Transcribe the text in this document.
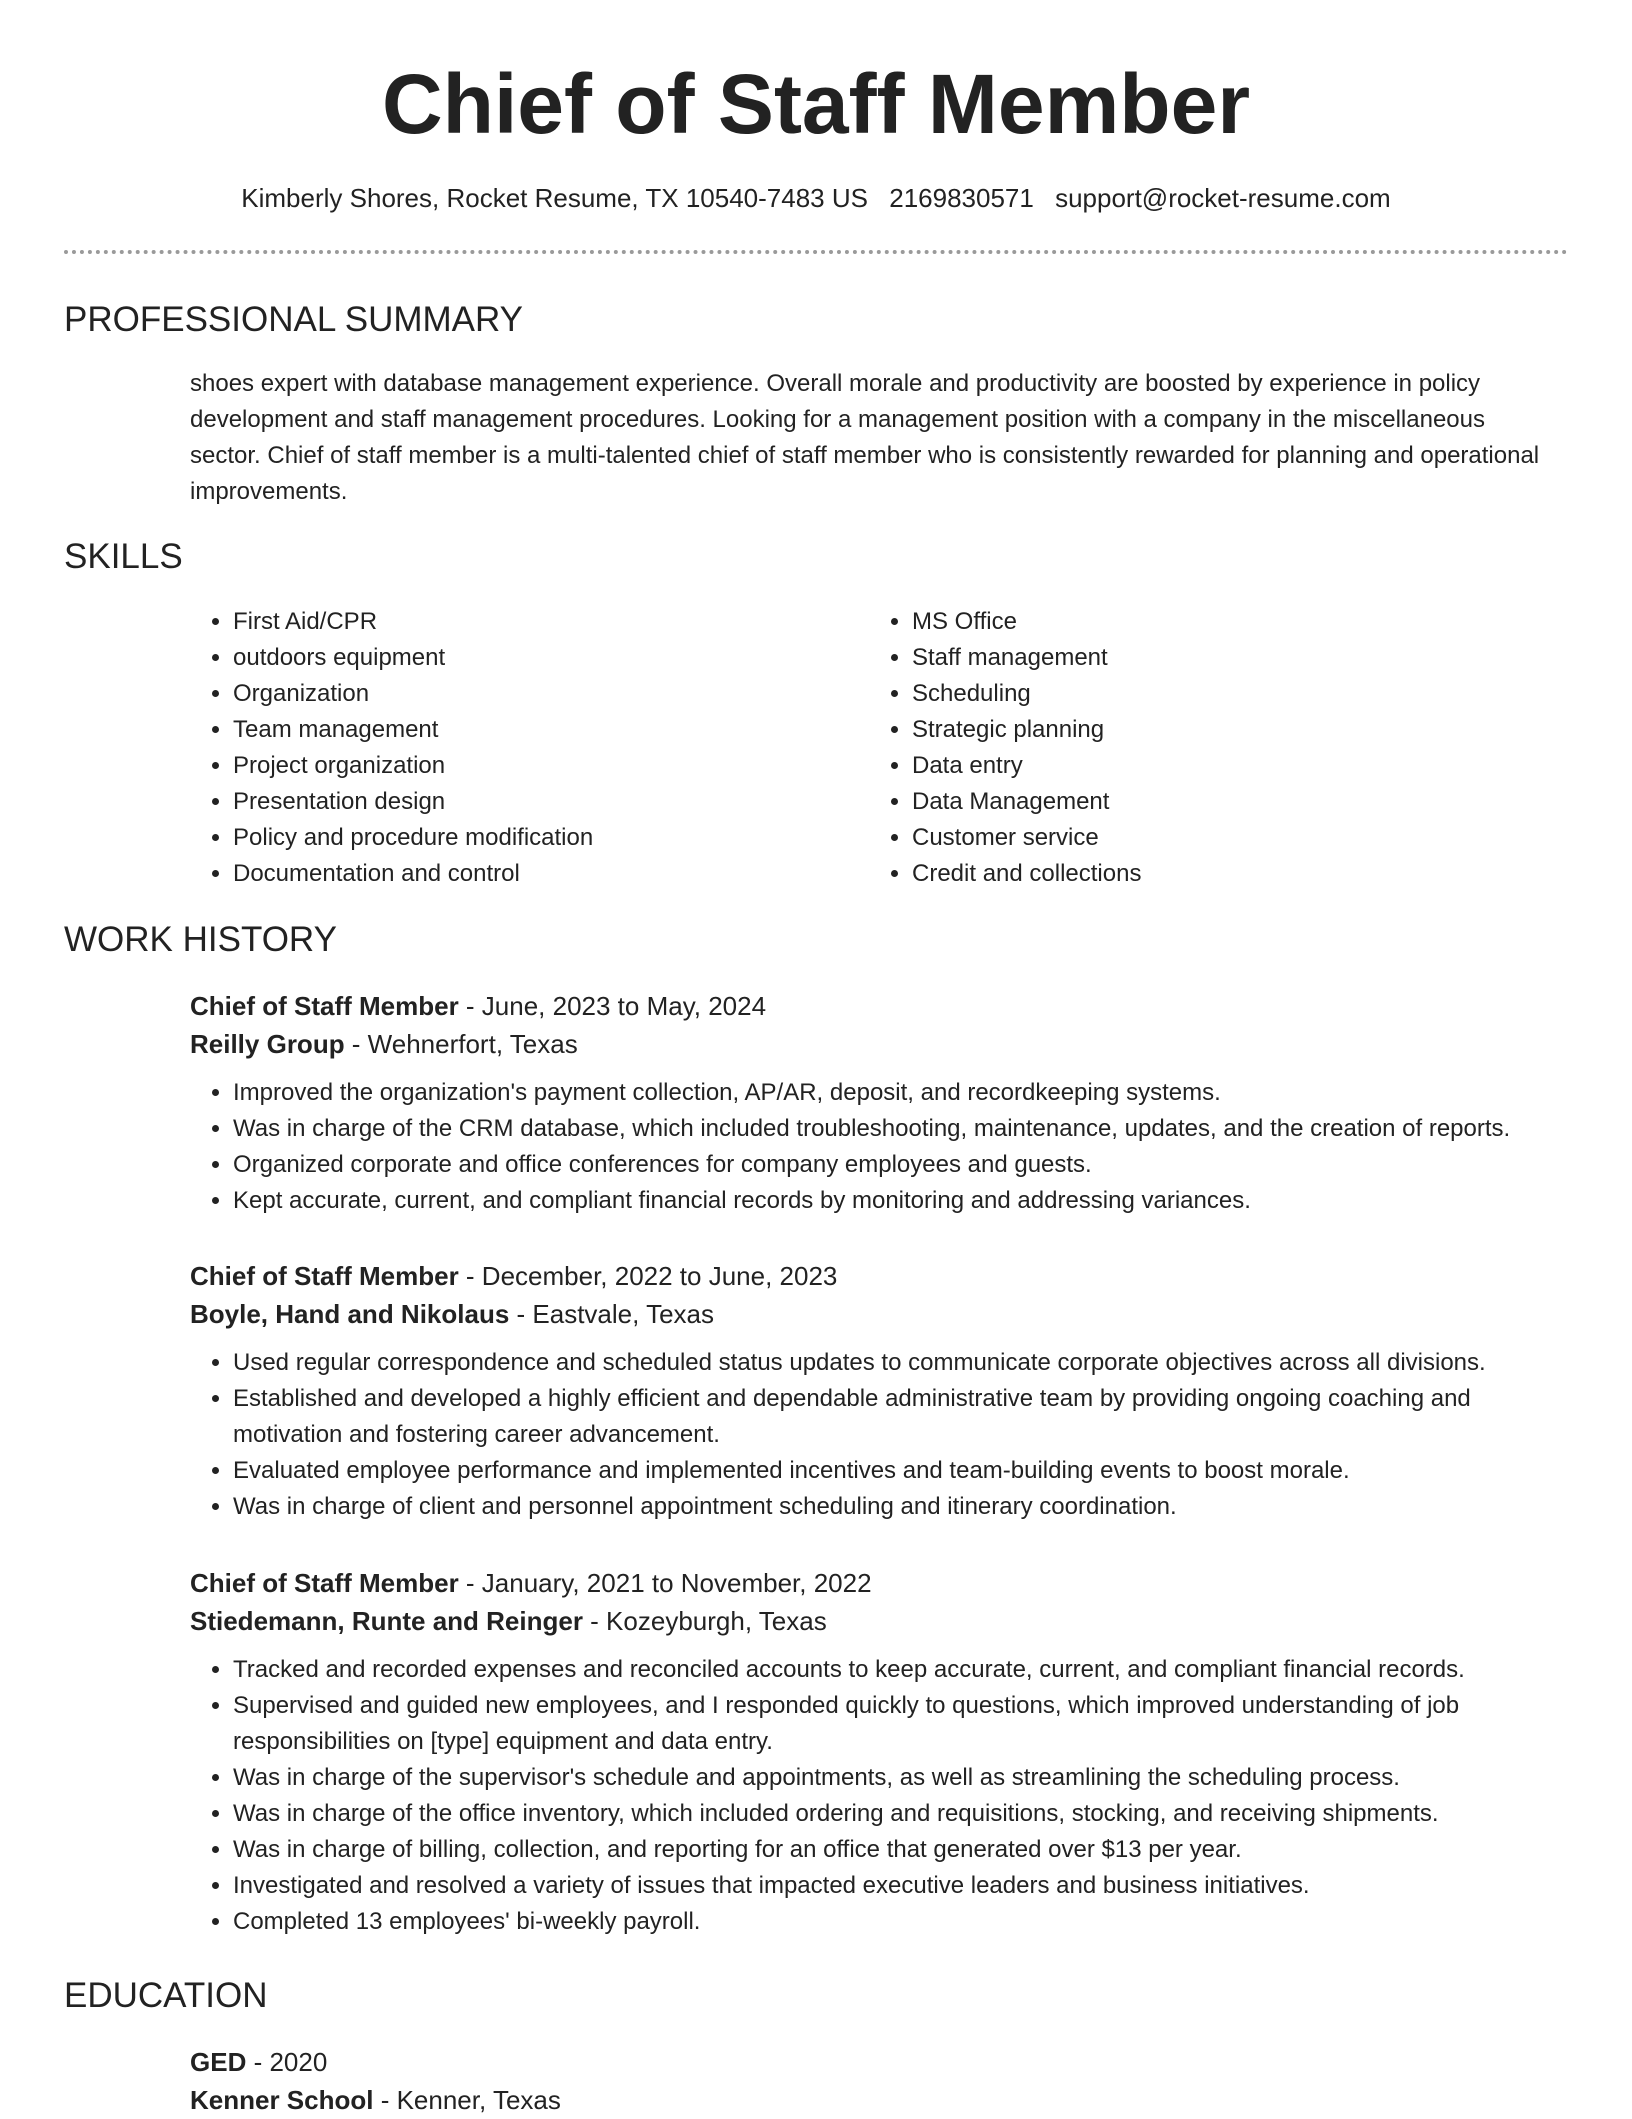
Chief of Staff Member
Kimberly Shores, Rocket Resume, TX 10540-7483 US 2169830571 support@rocket-resume.com
PROFESSIONAL SUMMARY

shoes expert with database management experience. Overall morale and productivity are boosted by experience in policy development and staff management procedures. Looking for a management position with a company in the miscellaneous sector. Chief of staff member is a multi-talented chief of staff member who is consistently rewarded for planning and operational improvements.

SKILLS
• First Aid/CPR
• outdoors equipment
• Organization
• Team management
• Project organization
• Presentation design
• Policy and procedure modification
• Documentation and control
• MS Office
• Staff management
• Scheduling
• Strategic planning
• Data entry
• Data Management
• Customer service
• Credit and collections
WORK HISTORY
Chief of Staff Member - June, 2023 to May, 2024
Reilly Group - Wehnerfort, Texas
• Improved the organization's payment collection, AP/AR, deposit, and recordkeeping systems.
• Was in charge of the CRM database, which included troubleshooting, maintenance, updates, and the creation of reports.
• Organized corporate and office conferences for company employees and guests.
• Kept accurate, current, and compliant financial records by monitoring and addressing variances.
Chief of Staff Member - December, 2022 to June, 2023
Boyle, Hand and Nikolaus - Eastvale, Texas
• Used regular correspondence and scheduled status updates to communicate corporate objectives across all divisions.
• Established and developed a highly efficient and dependable administrative team by providing ongoing coaching and motivation and fostering career advancement.
• Evaluated employee performance and implemented incentives and team-building events to boost morale.
• Was in charge of client and personnel appointment scheduling and itinerary coordination.
Chief of Staff Member - January, 2021 to November, 2022
Stiedemann, Runte and Reinger - Kozeyburgh, Texas
• Tracked and recorded expenses and reconciled accounts to keep accurate, current, and compliant financial records.
• Supervised and guided new employees, and I responded quickly to questions, which improved understanding of job responsibilities on [type] equipment and data entry.
• Was in charge of the supervisor's schedule and appointments, as well as streamlining the scheduling process.
• Was in charge of the office inventory, which included ordering and requisitions, stocking, and receiving shipments.
• Was in charge of billing, collection, and reporting for an office that generated over $13 per year.
• Investigated and resolved a variety of issues that impacted executive leaders and business initiatives.
• Completed 13 employees' bi-weekly payroll.
EDUCATION
GED - 2020
Kenner School - Kenner, Texas
